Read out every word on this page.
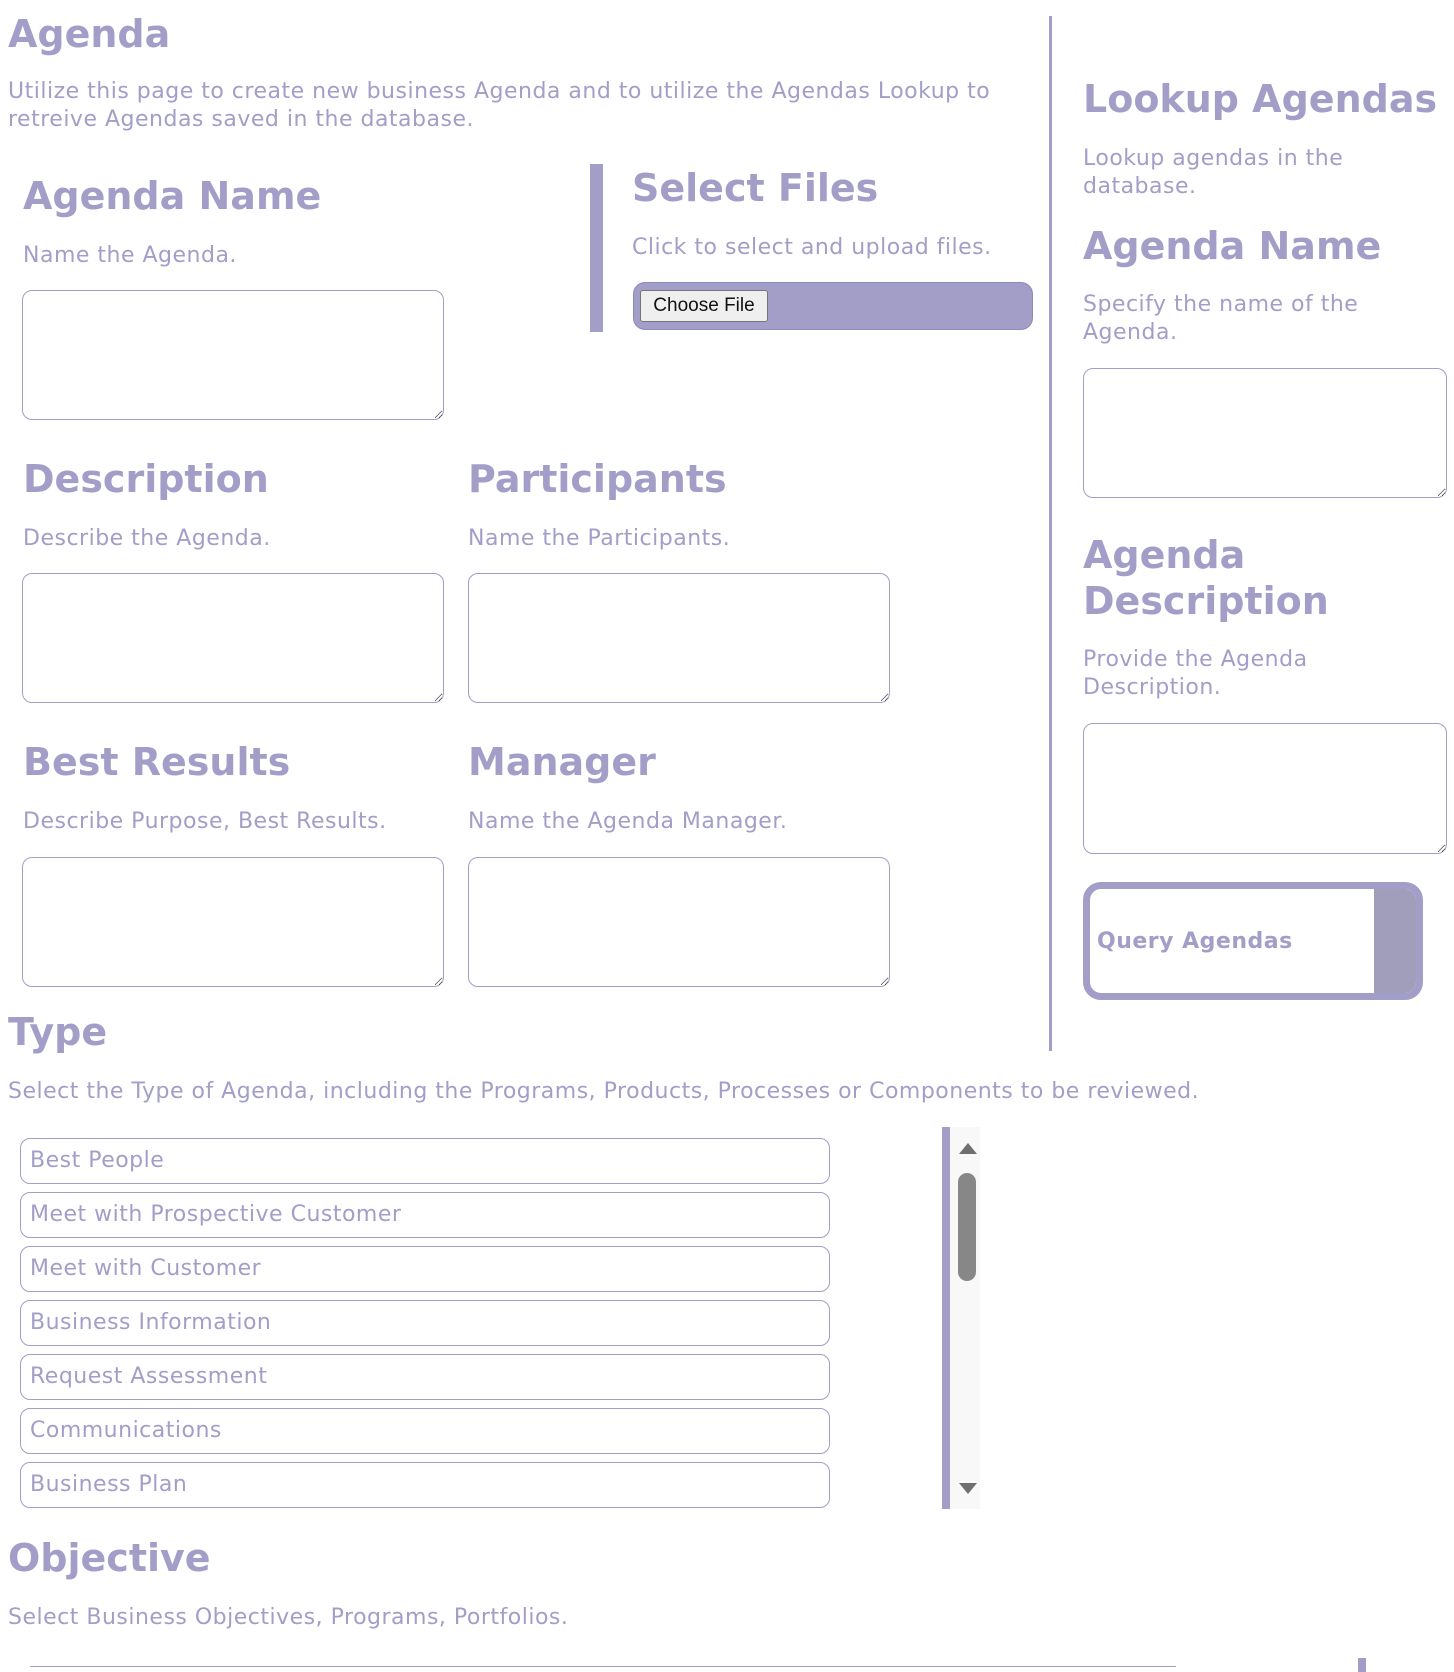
Agenda

Utilize this page to create new business Agenda and to utilize the Agendas Lookup to retreive Agendas saved in the database.

Agenda Name

Name the Agenda.

Select Files

Click to select and upload files.

Choose File
Description

Describe the Agenda.

Participants

Name the Participants.

Best Results

Describe Purpose, Best Results.

Manager

Name the Agenda Manager.

Lookup Agendas

Lookup agendas in the database.

Agenda Name

Specify the name of the Agenda.

Agenda Description

Provide the Agenda Description.

Query Agendas
Type

Select the Type of Agenda, including the Programs, Products, Processes or Components to be reviewed.

Best People
Meet with Prospective Customer
Meet with Customer
Business Information
Request Assessment
Communications
Business Plan
Objective

Select Business Objectives, Programs, Portfolios.
